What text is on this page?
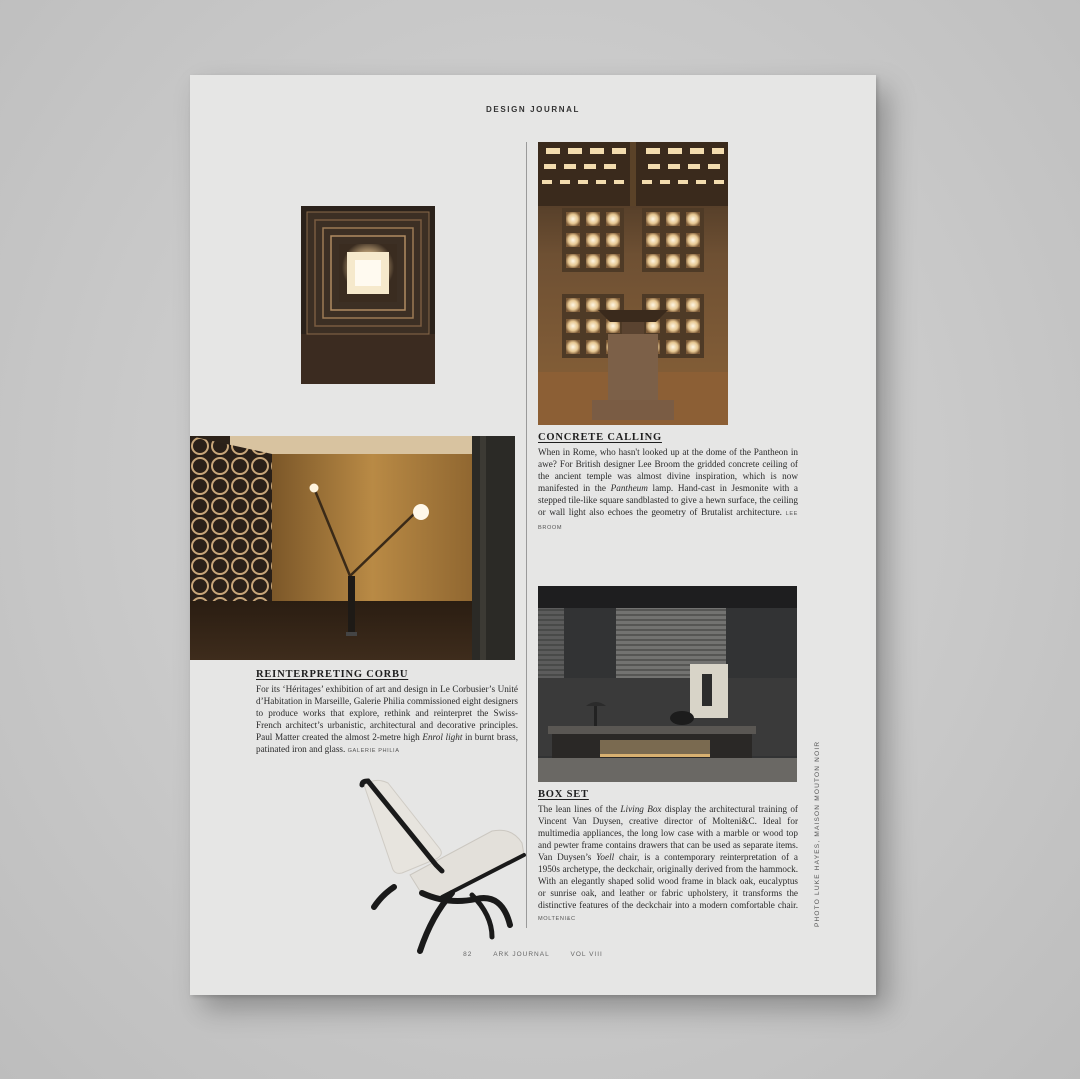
DESIGN JOURNAL

CONCRETE CALLING

When in Rome, who hasn't looked up at the dome of the Pantheon in awe? For British designer Lee Broom the gridded concrete ceiling of the ancient temple was almost divine inspiration, which is now manifested in the Pantheum lamp. Hand-cast in Jesmonite with a stepped tile-like square sandblasted to give a hewn surface, the ceiling or wall light also echoes the geometry of Brutalist architecture. LEE BROOM

REINTERPRETING CORBU

For its ‘Héritages’ exhibition of art and design in Le Corbusier’s Unité d’Habitation in Marseille, Galerie Philia commissioned eight designers to produce works that explore, rethink and reinterpret the Swiss-French architect’s urbanistic, architectural and decorative principles. Paul Matter created the almost 2-metre high Enrol light in burnt brass, patinated iron and glass. GALERIE PHILIA

BOX SET

The lean lines of the Living Box display the architectural training of Vincent Van Duysen, creative director of Molteni&C. Ideal for multimedia appliances, the long low case with a marble or wood top and pewter frame contains drawers that can be used as separate items. Van Duysen’s Yoell chair, is a contemporary reinterpretation of a 1950s archetype, the deckchair, originally derived from the hammock. With an elegantly shaped solid wood frame in black oak, eucalyptus or sunrise oak, and leather or fabric upholstery, it transforms the distinctive features of the deckchair into a modern comfortable chair. MOLTENI&C

82	ARK JOURNAL	VOL VIII
PHOTO LUKE HAYES, MAISON MOUTON NOIR
